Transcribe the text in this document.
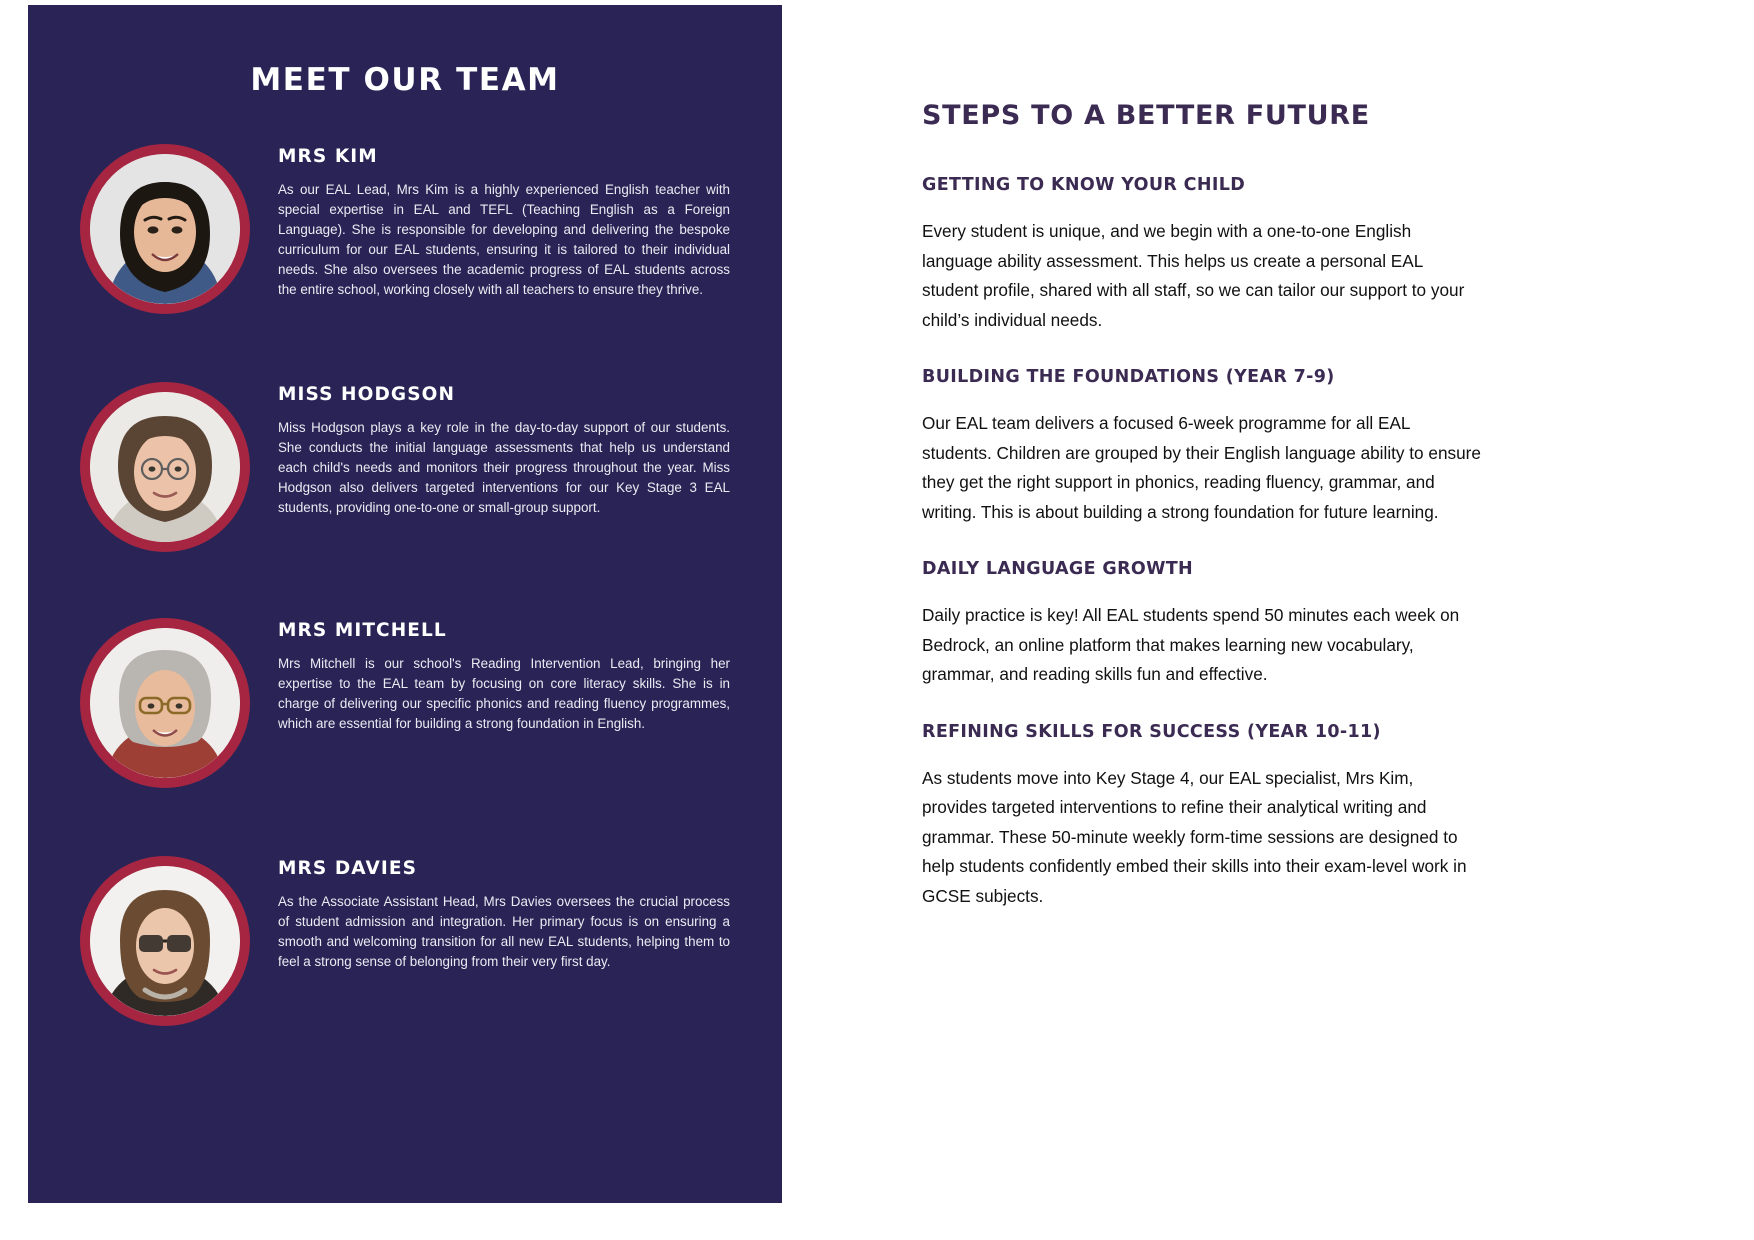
MEET OUR TEAM
MRS KIM

As our EAL Lead, Mrs Kim is a highly experienced English teacher with special expertise in EAL and TEFL (Teaching English as a Foreign Language). She is responsible for developing and delivering the bespoke curriculum for our EAL students, ensuring it is tailored to their individual needs. She also oversees the academic progress of EAL students across the entire school, working closely with all teachers to ensure they thrive.

MISS HODGSON

Miss Hodgson plays a key role in the day-to-day support of our students. She conducts the initial language assessments that help us understand each child's needs and monitors their progress throughout the year. Miss Hodgson also delivers targeted interventions for our Key Stage 3 EAL students, providing one-to-one or small-group support.

MRS MITCHELL

Mrs Mitchell is our school's Reading Intervention Lead, bringing her expertise to the EAL team by focusing on core literacy skills. She is in charge of delivering our specific phonics and reading fluency programmes, which are essential for building a strong foundation in English.

MRS DAVIES

As the Associate Assistant Head, Mrs Davies oversees the crucial process of student admission and integration. Her primary focus is on ensuring a smooth and welcoming transition for all new EAL students, helping them to feel a strong sense of belonging from their very first day.

STEPS TO A BETTER FUTURE
GETTING TO KNOW YOUR CHILD

Every student is unique, and we begin with a one-to-one English language ability assessment. This helps us create a personal EAL student profile, shared with all staff, so we can tailor our support to your child’s individual needs.

BUILDING THE FOUNDATIONS (YEAR 7-9)

Our EAL team delivers a focused 6-week programme for all EAL students. Children are grouped by their English language ability to ensure they get the right support in phonics, reading fluency, grammar, and writing. This is about building a strong foundation for future learning.

DAILY LANGUAGE GROWTH

Daily practice is key! All EAL students spend 50 minutes each week on Bedrock, an online platform that makes learning new vocabulary, grammar, and reading skills fun and effective.

REFINING SKILLS FOR SUCCESS (YEAR 10-11)

As students move into Key Stage 4, our EAL specialist, Mrs Kim, provides targeted interventions to refine their analytical writing and grammar. These 50-minute weekly form-time sessions are designed to help students confidently embed their skills into their exam-level work in GCSE subjects.
